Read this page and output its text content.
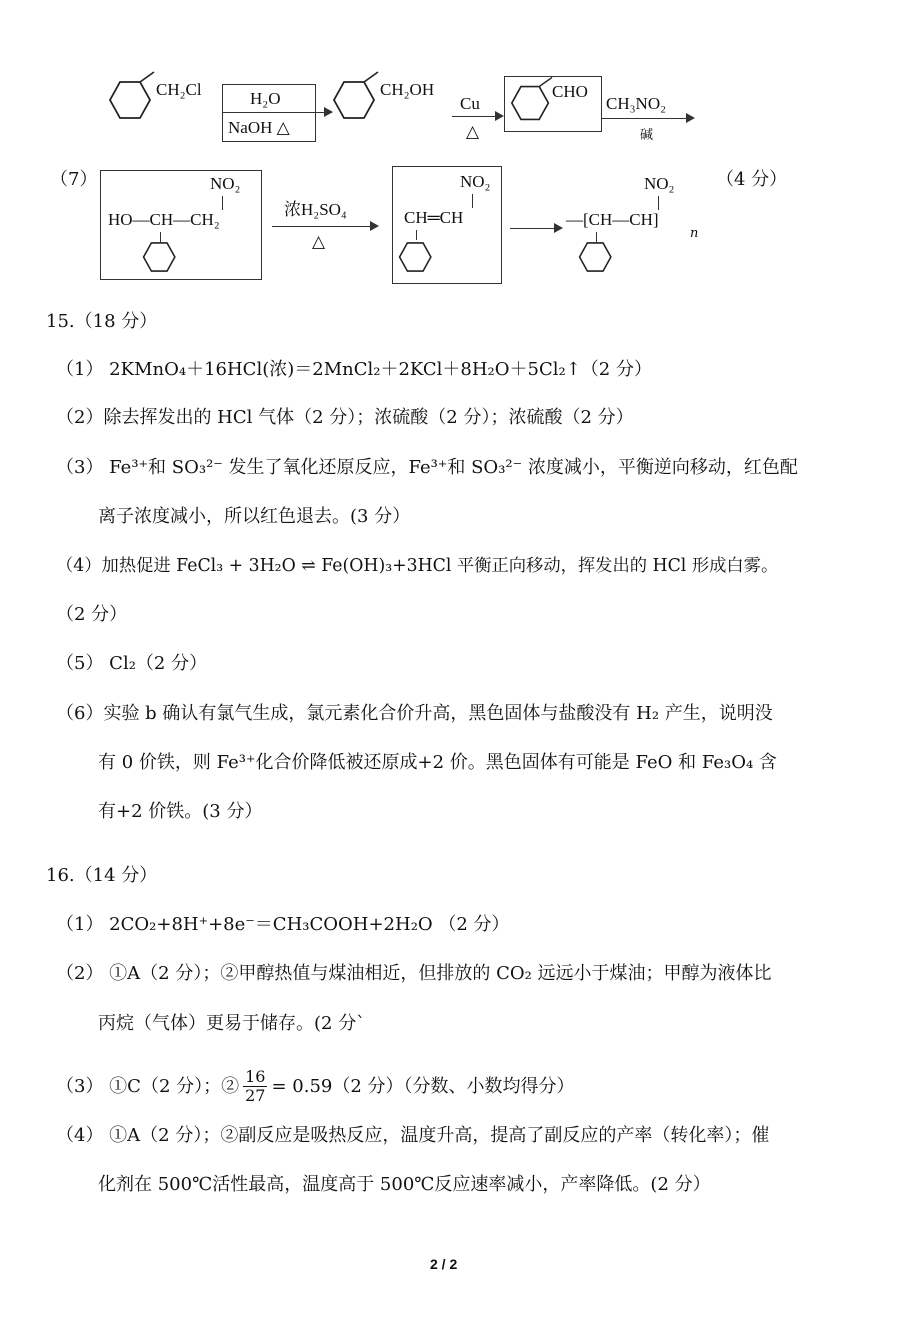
CH₂Cl	H₂O
NaOH △
CH₂OH
Cu
△
CHO
CH₃NO₂
碱
（7）	NO₂
HO—CH—CH₂
浓H₂SO₄
△
NO₂
CH═CH
NO₂
—[CH—CH]
n
（4 分）
15.（18 分）
（1） 2KMnO₄＋16HCl(浓)＝2MnCl₂＋2KCl＋8H₂O＋5Cl₂↑（2 分）
（2）除去挥发出的 HCl 气体（2 分）；浓硫酸（2 分）；浓硫酸（2 分）
（3） Fe³⁺和 SO₃²⁻ 发生了氧化还原反应，Fe³⁺和 SO₃²⁻ 浓度减小，平衡逆向移动，红色配
离子浓度减小，所以红色退去。(3 分）
（4）加热促进 FeCl₃ + 3H₂O ⇌ Fe(OH)₃+3HCl 平衡正向移动，挥发出的 HCl 形成白雾。
（2 分）
（5） Cl₂（2 分）
（6）实验 b 确认有氯气生成，氯元素化合价升高，黑色固体与盐酸没有 H₂ 产生，说明没
有 0 价铁，则 Fe³⁺化合价降低被还原成+2 价。黑色固体有可能是 FeO 和 Fe₃O₄ 含
有+2 价铁。(3 分）
16.（14 分）
（1） 2CO₂+8H⁺+8e⁻＝CH₃COOH+2H₂O （2 分）
（2） ①A（2 分）；②甲醇热值与煤油相近，但排放的 CO₂ 远远小于煤油；甲醇为液体比
丙烷（气体）更易于储存。(2 分`
（3） ①C（2 分）；② $\frac{16}{27} = 0.59(2$ 分）（分数、小数均得分）
（4） ①A（2 分）；②副反应是吸热反应，温度升高，提高了副反应的产率（转化率）；催
化剂在 500℃活性最高，温度高于 500℃反应速率减小，产率降低。(2 分）
2 / 2
